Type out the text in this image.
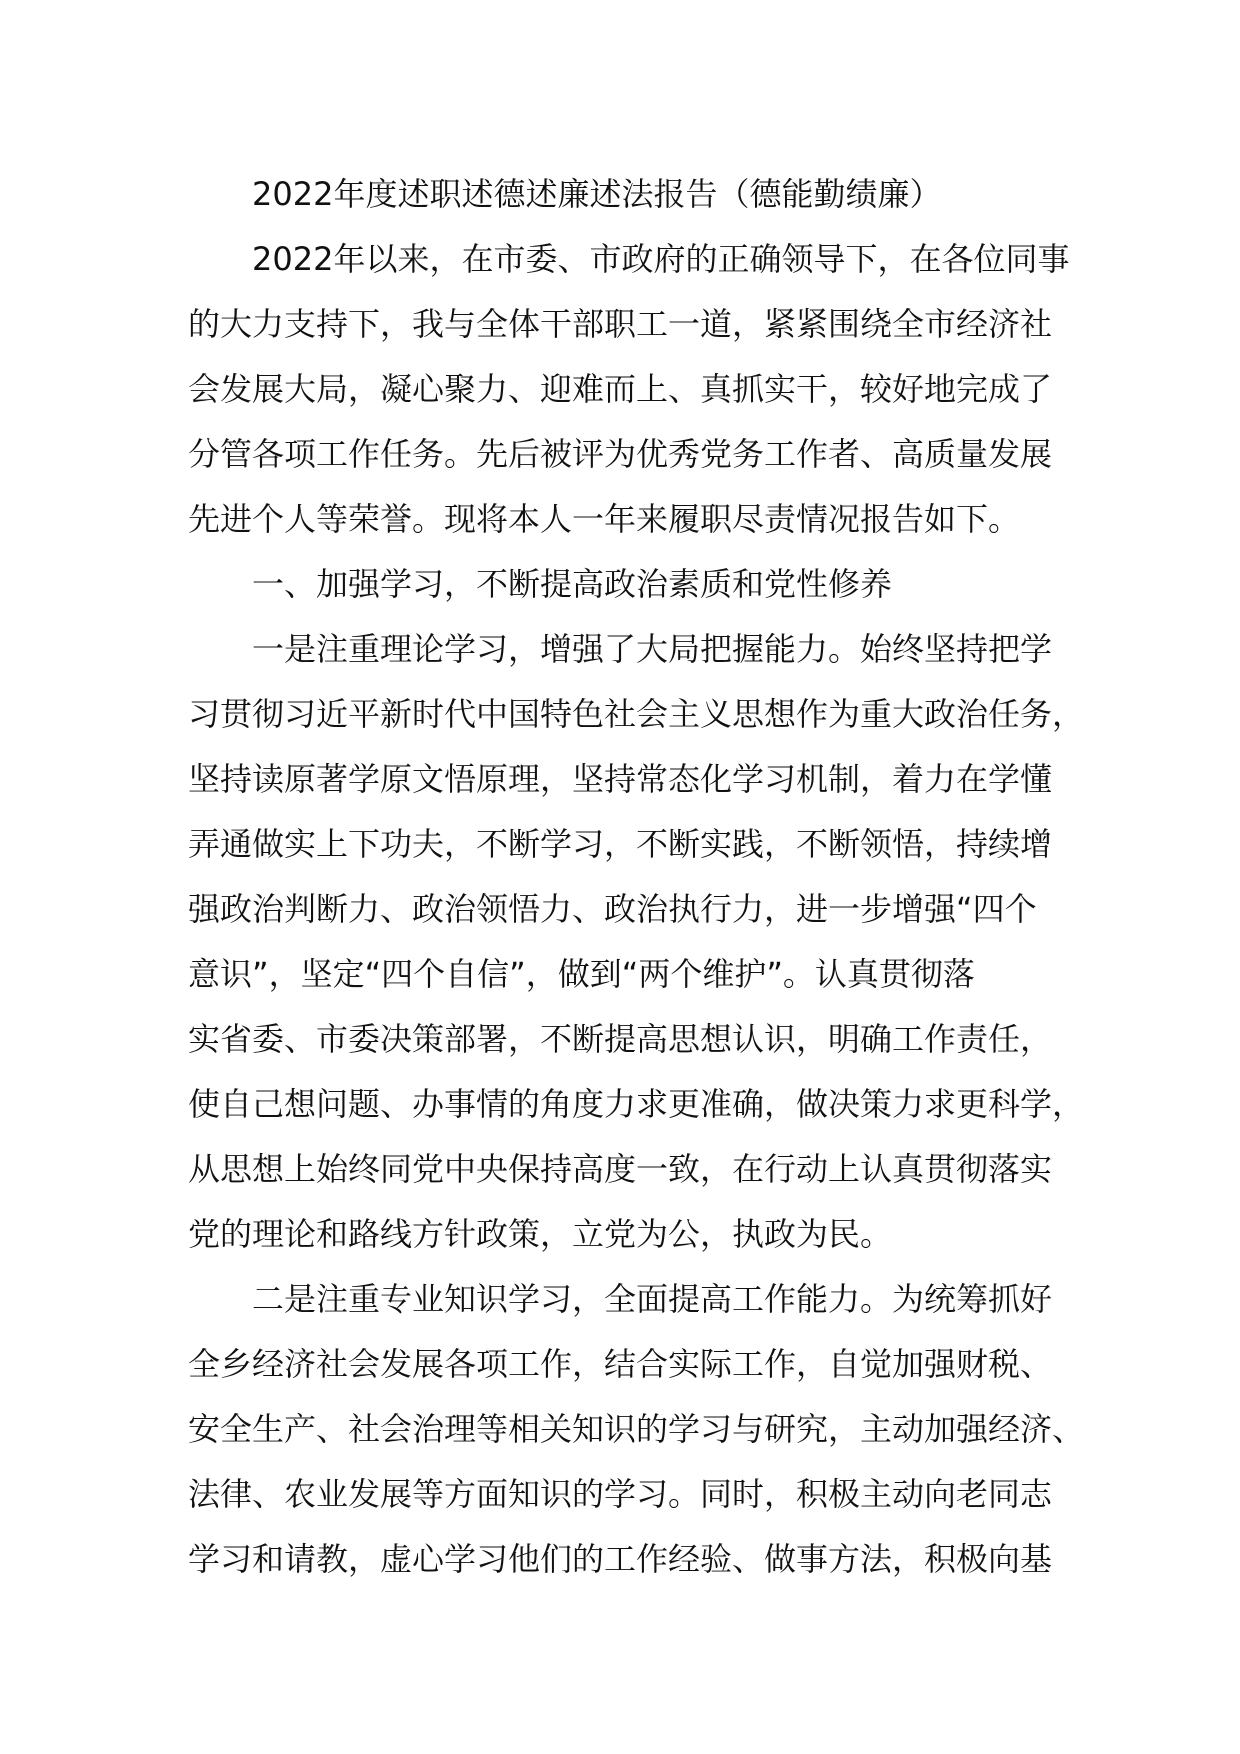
2022年度述职述德述廉述法报告（德能勤绩廉）
2022年以来，在市委、市政府的正确领导下，在各位同事
的大力支持下，我与全体干部职工一道，紧紧围绕全市经济社
会发展大局，凝心聚力、迎难而上、真抓实干，较好地完成了
分管各项工作任务。先后被评为优秀党务工作者、高质量发展
先进个人等荣誉。现将本人一年来履职尽责情况报告如下。
一、加强学习，不断提高政治素质和党性修养
一是注重理论学习，增强了大局把握能力。始终坚持把学
习贯彻习近平新时代中国特色社会主义思想作为重大政治任务，
坚持读原著学原文悟原理，坚持常态化学习机制，着力在学懂
弄通做实上下功夫，不断学习，不断实践，不断领悟，持续增
强政治判断力、政治领悟力、政治执行力，进一步增强“四个
意识”，坚定“四个自信”，做到“两个维护”。认真贯彻落
实省委、市委决策部署，不断提高思想认识，明确工作责任，
使自己想问题、办事情的角度力求更准确，做决策力求更科学，
从思想上始终同党中央保持高度一致，在行动上认真贯彻落实
党的理论和路线方针政策，立党为公，执政为民。
二是注重专业知识学习，全面提高工作能力。为统筹抓好
全乡经济社会发展各项工作，结合实际工作，自觉加强财税、
安全生产、社会治理等相关知识的学习与研究，主动加强经济、
法律、农业发展等方面知识的学习。同时，积极主动向老同志
学习和请教，虚心学习他们的工作经验、做事方法，积极向基
